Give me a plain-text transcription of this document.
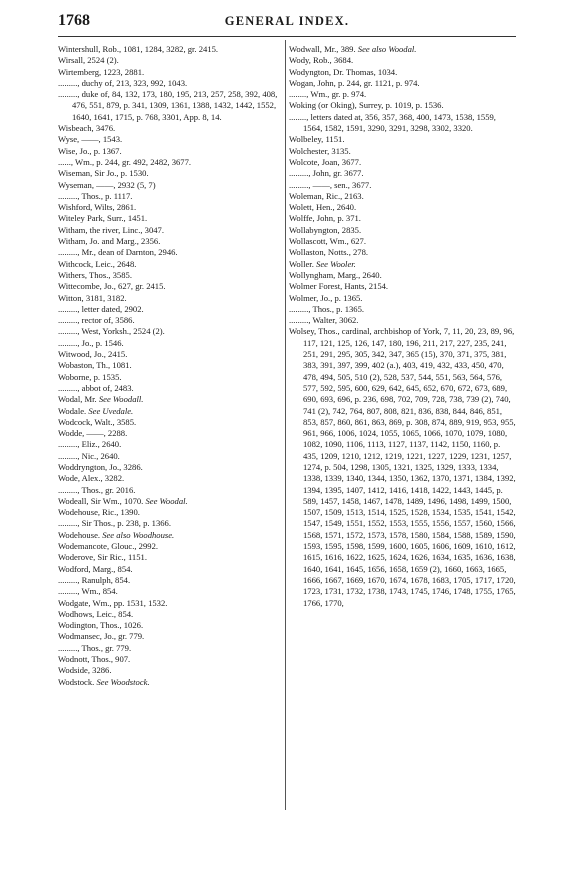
1768	GENERAL INDEX.
Wintershull, Rob., 1081, 1284, 3282, gr. 2415.
Wirsall, 2524 (2).
Wirtemberg, 1223, 2881.
........., duchy of, 213, 323, 992, 1043.
........., duke of, 84, 132, 173, 180, 195, 213, 257, 258, 392, 408, 476, 551, 879, p. 341, 1309, 1361, 1388, 1432, 1442, 1552, 1640, 1641, 1715, p. 768, 3301, App. 8, 14.
Wisbeach, 3476.
Wyse, ——, 1543.
Wise, Jo., p. 1367.
......, Wm., p. 244, gr. 492, 2482, 3677.
Wiseman, Sir Jo., p. 1530.
Wyseman, ——, 2932 (5, 7)
........., Thos., p. 1117.
Wishford, Wilts, 2861.
Witeley Park, Surr., 1451.
Witham, the river, Linc., 3047.
Witham, Jo. and Marg., 2356.
........., Mr., dean of Darnton, 2946.
Withcock, Leic., 2648.
Withers, Thos., 3585.
Wittecombe, Jo., 627, gr. 2415.
Witton, 3181, 3182.
........., letter dated, 2902.
........., rector of, 3586.
........., West, Yorksh., 2524 (2).
........., Jo., p. 1546.
Witwood, Jo., 2415.
Wobaston, Th., 1081.
Woborne, p. 1535.
........., abbot of, 2483.
Wodal, Mr. See Woodall.
Wodale. See Uvedale.
Wodcock, Walt., 3585.
Wodde, ——, 2288.
........., Eliz., 2640.
........., Nic., 2640.
Woddryngton, Jo., 3286.
Wode, Alex., 3282.
........., Thos., gr. 2016.
Wodeall, Sir Wm., 1070. See Woodal.
Wodehouse, Ric., 1390.
........., Sir Thos., p. 238, p. 1366.
Wodehouse. See also Woodhouse.
Wodemancote, Glouc., 2992.
Woderove, Sir Ric., 1151.
Wodford, Marg., 854.
........., Ranulph, 854.
........., Wm., 854.
Wodgate, Wm., pp. 1531, 1532.
Wodhows, Leic., 854.
Wodington, Thos., 1026.
Wodmansec, Jo., gr. 779.
........., Thos., gr. 779.
Wodnott, Thos., 907.
Wodside, 3286.
Wodstock. See Woodstock.
Wodwall, Mr., 389. See also Woodal.
Wody, Rob., 3684.
Wodyngton, Dr. Thomas, 1034.
Wogan, John, p. 244, gr. 1121, p. 974.
........, Wm., gr. p. 974.
Woking (or Oking), Surrey, p. 1019, p. 1536.
........, letters dated at, 356, 357, 368, 400, 1473, 1538, 1559, 1564, 1582, 1591, 3290, 3291, 3298, 3302, 3320.
Wolbeley, 1151.
Wolchester, 3135.
Wolcote, Joan, 3677.
........., John, gr. 3677.
........., ——, sen., 3677.
Woleman, Ric., 2163.
Wolett, Hen., 2640.
Wolffe, John, p. 371.
Wollabyngton, 2835.
Wollascott, Wm., 627.
Wollaston, Notts., 278.
Woller. See Wooler.
Wollyngham, Marg., 2640.
Wolmer Forest, Hants, 2154.
Wolmer, Jo., p. 1365.
........., Thos., p. 1365.
........., Walter, 3062.
Wolsey, Thos., cardinal, archbishop of York, 7, 11, 20, 23, 89, 96, 117, 121, 125, 126, 147, 180, 196, 211, 217, 227, 235, 241, 251, 291, 295, 305, 342, 347, 365 (15), 370, 371, 375, 381, 383, 391, 397, 399, 402 (a.), 403, 419, 432, 433, 450, 470, 478, 494, 505, 510 (2), 528, 537, 544, 551, 563, 564, 576, 577, 592, 595, 600, 629, 642, 645, 652, 670, 672, 673, 689, 690, 693, 696, p. 236, 698, 702, 709, 728, 738, 739 (2), 740, 741 (2), 742, 764, 807, 808, 821, 836, 838, 844, 846, 851, 853, 857, 860, 861, 863, 869, p. 308, 874, 889, 919, 953, 955, 961, 966, 1006, 1024, 1055, 1065, 1066, 1070, 1079, 1080, 1082, 1090, 1106, 1113, 1127, 1137, 1142, 1150, 1160, p. 435, 1209, 1210, 1212, 1219, 1221, 1227, 1229, 1231, 1257, 1274, p. 504, 1298, 1305, 1321, 1325, 1329, 1333, 1334, 1338, 1339, 1340, 1344, 1350, 1362, 1370, 1371, 1384, 1392, 1394, 1395, 1407, 1412, 1416, 1418, 1422, 1443, 1445, p. 589, 1457, 1458, 1467, 1478, 1489, 1496, 1498, 1499, 1500, 1507, 1509, 1513, 1514, 1525, 1528, 1534, 1535, 1541, 1542, 1547, 1549, 1551, 1552, 1553, 1555, 1556, 1557, 1560, 1566, 1568, 1571, 1572, 1573, 1578, 1580, 1584, 1588, 1589, 1590, 1593, 1595, 1598, 1599, 1600, 1605, 1606, 1609, 1610, 1612, 1615, 1616, 1622, 1625, 1624, 1626, 1634, 1635, 1636, 1638, 1640, 1641, 1645, 1656, 1658, 1659 (2), 1660, 1663, 1665, 1666, 1667, 1669, 1670, 1674, 1678, 1683, 1705, 1717, 1720, 1723, 1731, 1732, 1738, 1743, 1745, 1746, 1748, 1755, 1765, 1766, 1770,
